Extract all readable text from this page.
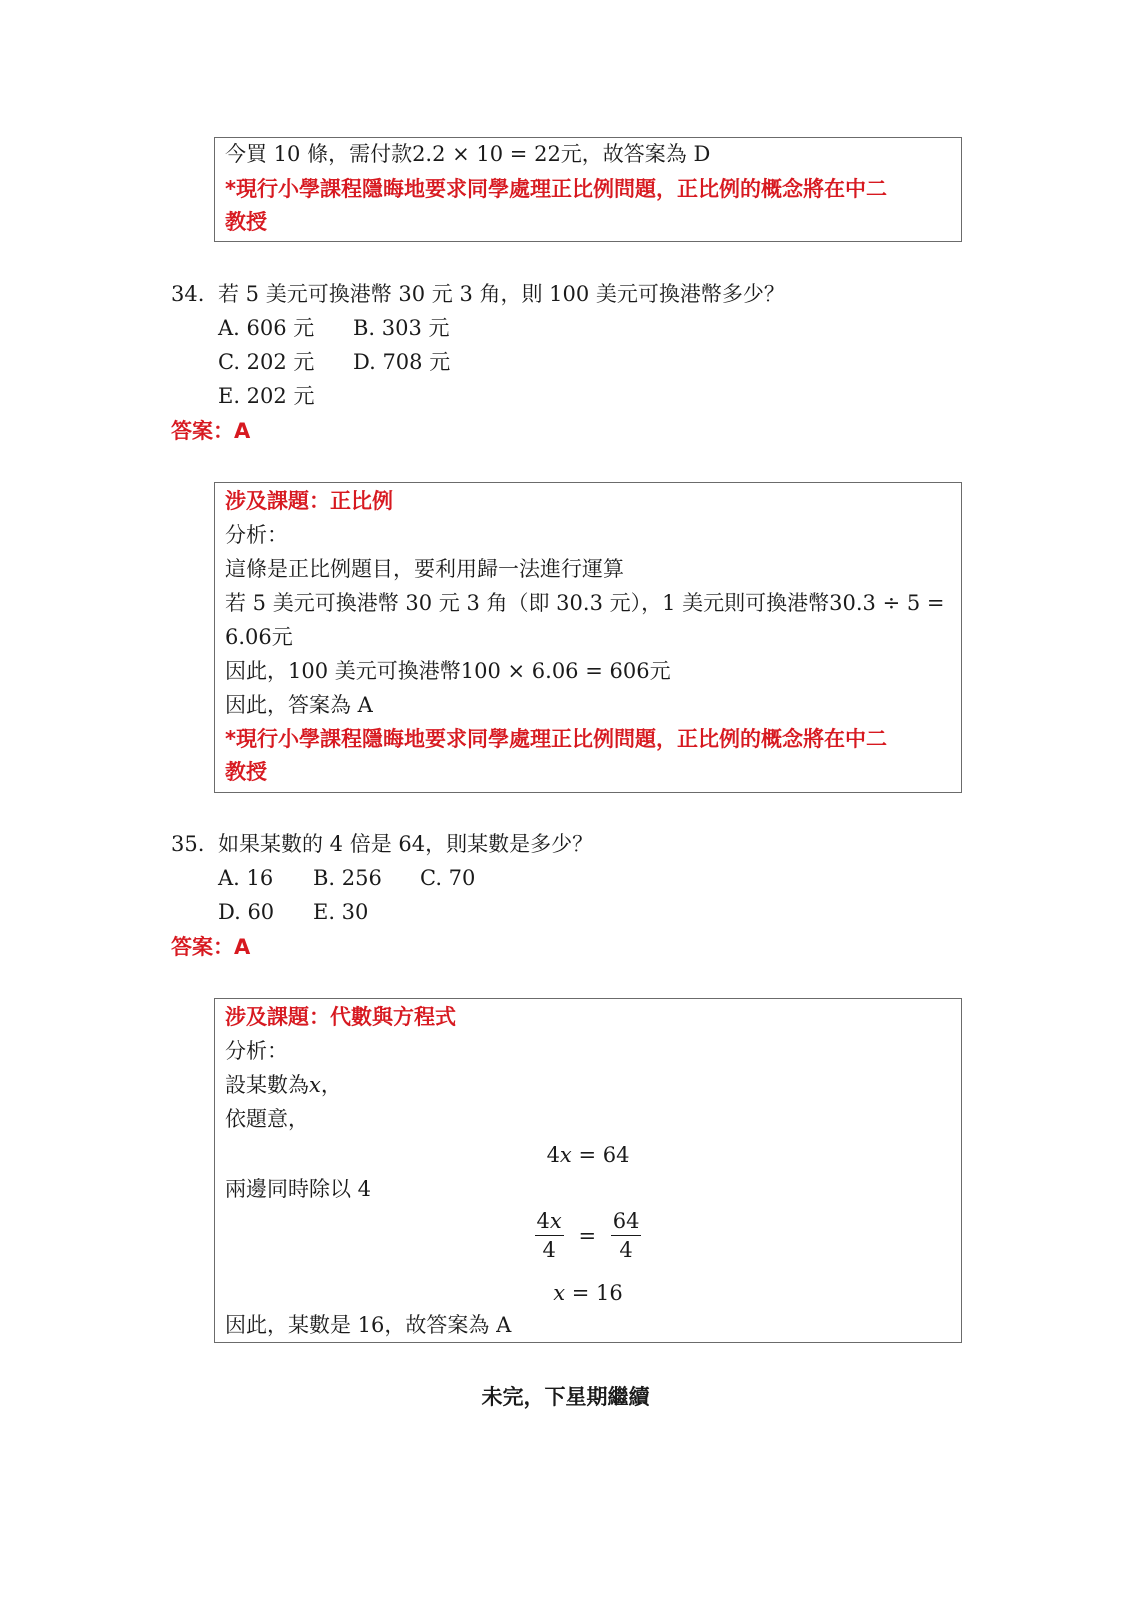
今買 10 條，需付款2.2 × 10 = 22元，故答案為 D
*現行小學課程隱晦地要求同學處理正比例問題，正比例的概念將在中二
教授
34. 若 5 美元可換港幣 30 元 3 角，則 100 美元可換港幣多少？
A. 606 元 B. 303 元
C. 202 元 D. 708 元
E. 202 元
答案：A
涉及課題：正比例
分析：
這條是正比例題目，要利用歸一法進行運算
若 5 美元可換港幣 30 元 3 角（即 30.3 元），1 美元則可換港幣30.3 ÷ 5 =
6.06元
因此，100 美元可換港幣100 × 6.06 = 606元
因此，答案為 A
*現行小學課程隱晦地要求同學處理正比例問題，正比例的概念將在中二
教授
35. 如果某數的 4 倍是 64，則某數是多少？
A. 16 B. 256 C. 70
D. 60 E. 30
答案：A
涉及課題：代數與方程式
分析：
設某數為𝑥，
依題意，
4𝑥 = 64
兩邊同時除以 4
$\frac{\text{4𝑥}}{4} = \frac{64}{4}$
𝑥 = 16
因此，某數是 16，故答案為 A
未完，下星期繼續
